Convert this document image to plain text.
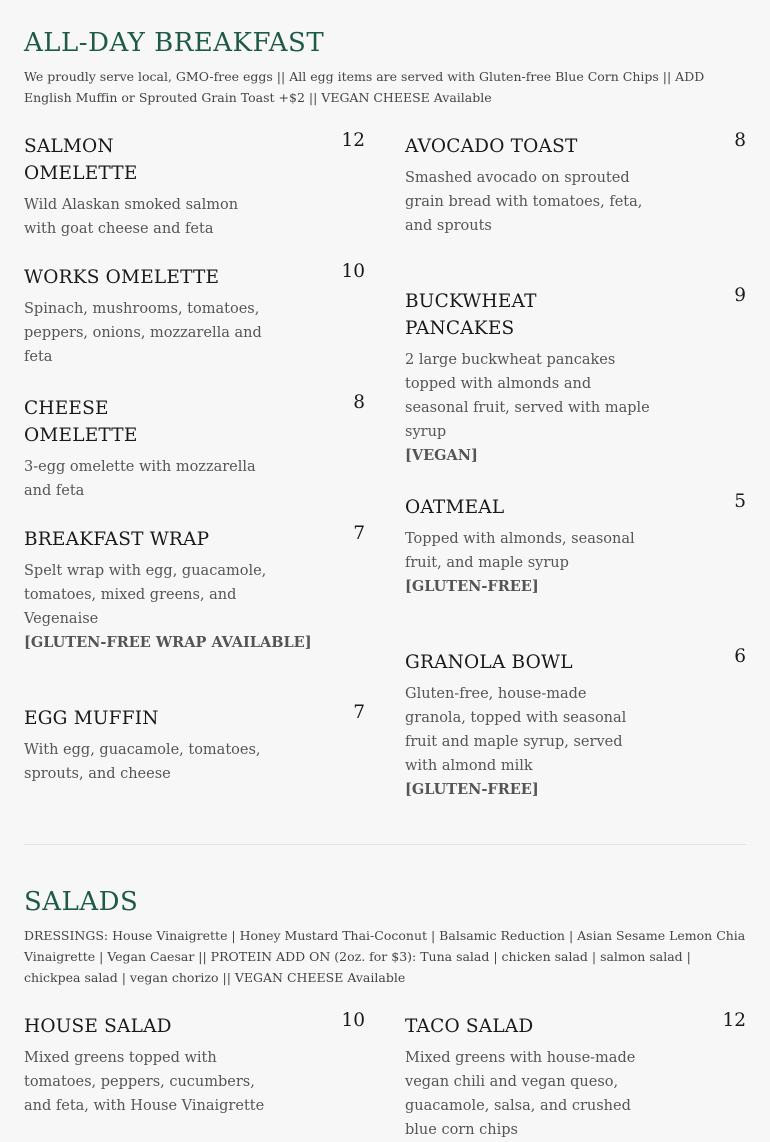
ALL-DAY BREAKFAST

We proudly serve local, GMO-free eggs || All egg items are served with Gluten-free Blue Corn Chips || ADD English Muffin or Sprouted Grain Toast +$2 || VEGAN CHEESE Available

SALMON OMELETTE
12
Wild Alaskan smoked salmon with goat cheese and feta
WORKS OMELETTE	10
Spinach, mushrooms, tomatoes, peppers, onions, mozzarella and feta
CHEESE OMELETTE
8
3-egg omelette with mozzarella and feta
BREAKFAST WRAP	7
Spelt wrap with egg, guacamole, tomatoes, mixed greens, and Vegenaise
[GLUTEN-FREE WRAP AVAILABLE]
EGG MUFFIN	7
With egg, guacamole, tomatoes, sprouts, and cheese
AVOCADO TOAST	8
Smashed avocado on sprouted grain bread with tomatoes, feta, and sprouts
BUCKWHEAT PANCAKES
9
2 large buckwheat pancakes topped with almonds and seasonal fruit, served with maple syrup
[VEGAN]
OATMEAL	5
Topped with almonds, seasonal fruit, and maple syrup
[GLUTEN-FREE]
GRANOLA BOWL	6
Gluten-free, house-made granola, topped with seasonal fruit and maple syrup, served with almond milk
[GLUTEN-FREE]
SALADS

DRESSINGS: House Vinaigrette | Honey Mustard Thai-Coconut | Balsamic Reduction | Asian Sesame Lemon Chia Vinaigrette | Vegan Caesar || PROTEIN ADD ON (2oz. for $3): Tuna salad | chicken salad | salmon salad | chickpea salad | vegan chorizo || VEGAN CHEESE Available

HOUSE SALAD	10
Mixed greens topped with tomatoes, peppers, cucumbers, and feta, with House Vinaigrette
TACO SALAD	12
Mixed greens with house-made vegan chili and vegan queso, guacamole, salsa, and crushed blue corn chips
